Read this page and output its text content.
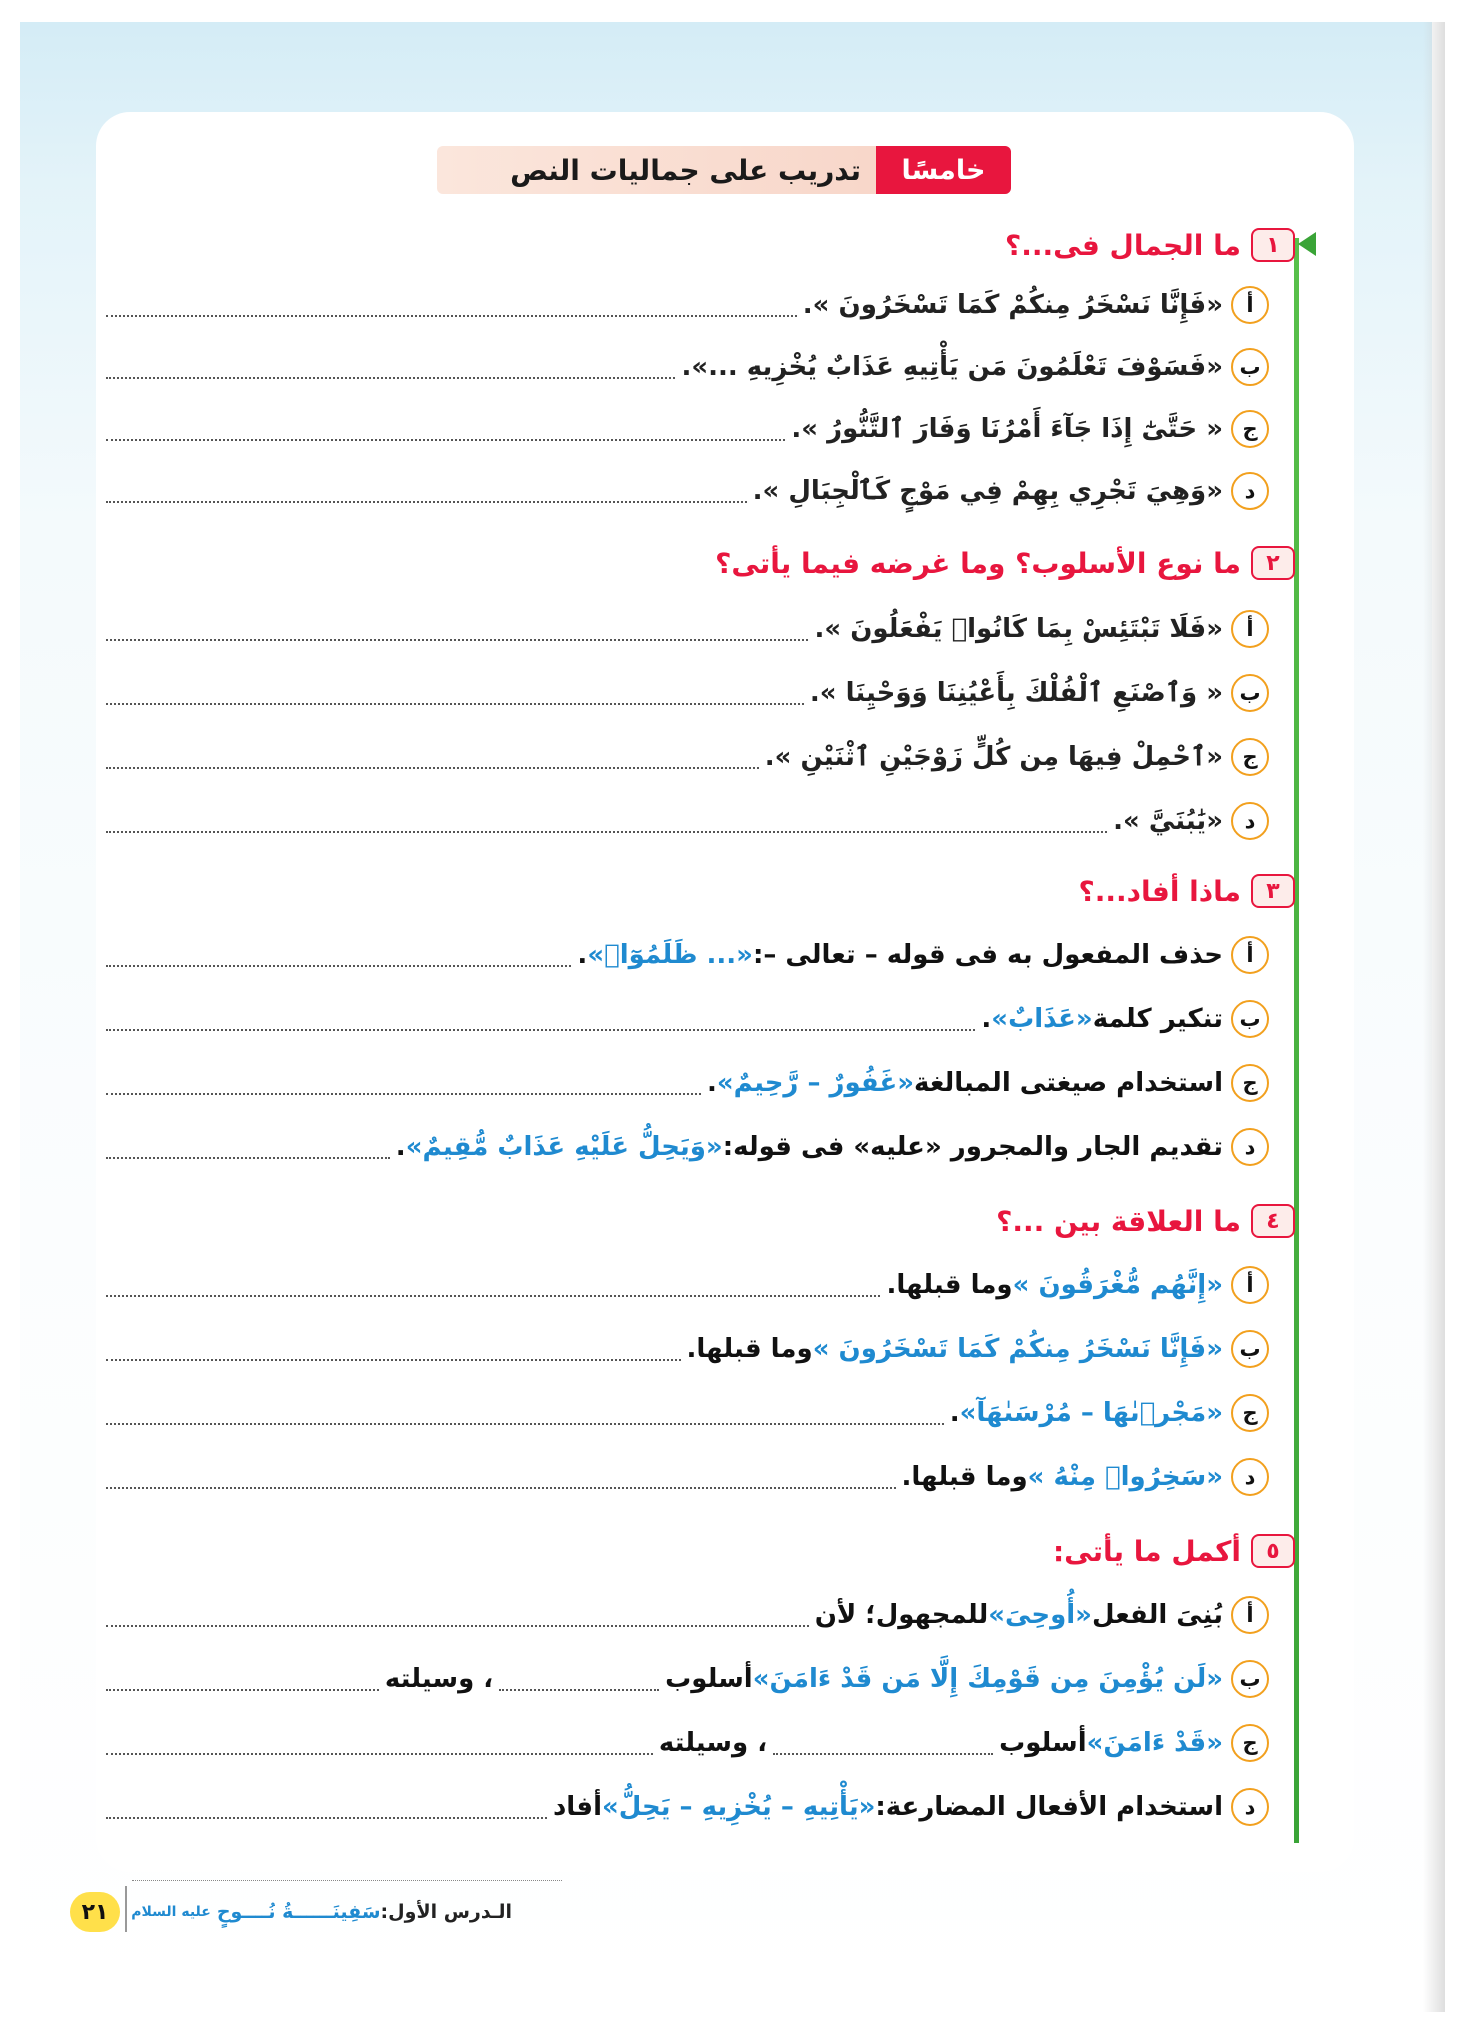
خامسًا
تدريب على جماليات النص
١
ما الجمال فى...؟
أ
«فَإِنَّا نَسْخَرُ مِنكُمْ كَمَا تَسْخَرُونَ ».
ب
«فَسَوْفَ تَعْلَمُونَ مَن يَأْتِيهِ عَذَابٌ يُخْزِيهِ ...».
ج
« حَتَّىٰٓ إِذَا جَآءَ أَمْرُنَا وَفَارَ ٱلتَّنُّورُ ».
د
«وَهِيَ تَجْرِي بِهِمْ فِي مَوْجٍ كَٱلْجِبَالِ ».
٢
ما نوع الأسلوب؟ وما غرضه فيما يأتى؟
أ
«فَلَا تَبْتَئِسْ بِمَا كَانُوا۟ يَفْعَلُونَ ».
ب
« وَٱصْنَعِ ٱلْفُلْكَ بِأَعْيُنِنَا وَوَحْيِنَا ».
ج
«ٱحْمِلْ فِيهَا مِن كُلٍّ زَوْجَيْنِ ٱثْنَيْنِ ».
د
«يَٰبُنَيَّ ».
٣
ماذا أفاد...؟
أ
حذف المفعول به فى قوله – تعالى –:
«... ظَلَمُوٓا۟»
.
ب
تنكير كلمة
«عَذَابٌ»
.
ج
استخدام صيغتى المبالغة
«غَفُورٌ – رَّحِيمٌ»
.
د
تقديم الجار والمجرور «عليه» فى قوله:
«وَيَحِلُّ عَلَيْهِ عَذَابٌ مُّقِيمٌ»
.
٤
ما العلاقة بين ...؟
أ
«إِنَّهُم مُّغْرَقُونَ »
وما قبلها.
ب
«فَإِنَّا نَسْخَرُ مِنكُمْ كَمَا تَسْخَرُونَ »
وما قبلها.
ج
«مَجْر۪ىٰهَا – مُرْسَىٰهَآ»
.
د
«سَخِرُوا۟ مِنْهُ »
وما قبلها.
٥
أكمل ما يأتى:
أ
بُنِىَ الفعل
«أُوحِىَ»
للمجهول؛ لأن
ب
«لَن يُؤْمِنَ مِن قَوْمِكَ إِلَّا مَن قَدْ ءَامَنَ»
أسلوب
، وسيلته
ج
«قَدْ ءَامَنَ»
أسلوب
، وسيلته
د
استخدام الأفعال المضارعة:
«يَأْتِيهِ – يُخْزِيهِ – يَحِلُّ»
أفاد
٢١	الـدرس الأول:
سَفِينَــــــةُ نُــــوحٍ
عليه السلام
